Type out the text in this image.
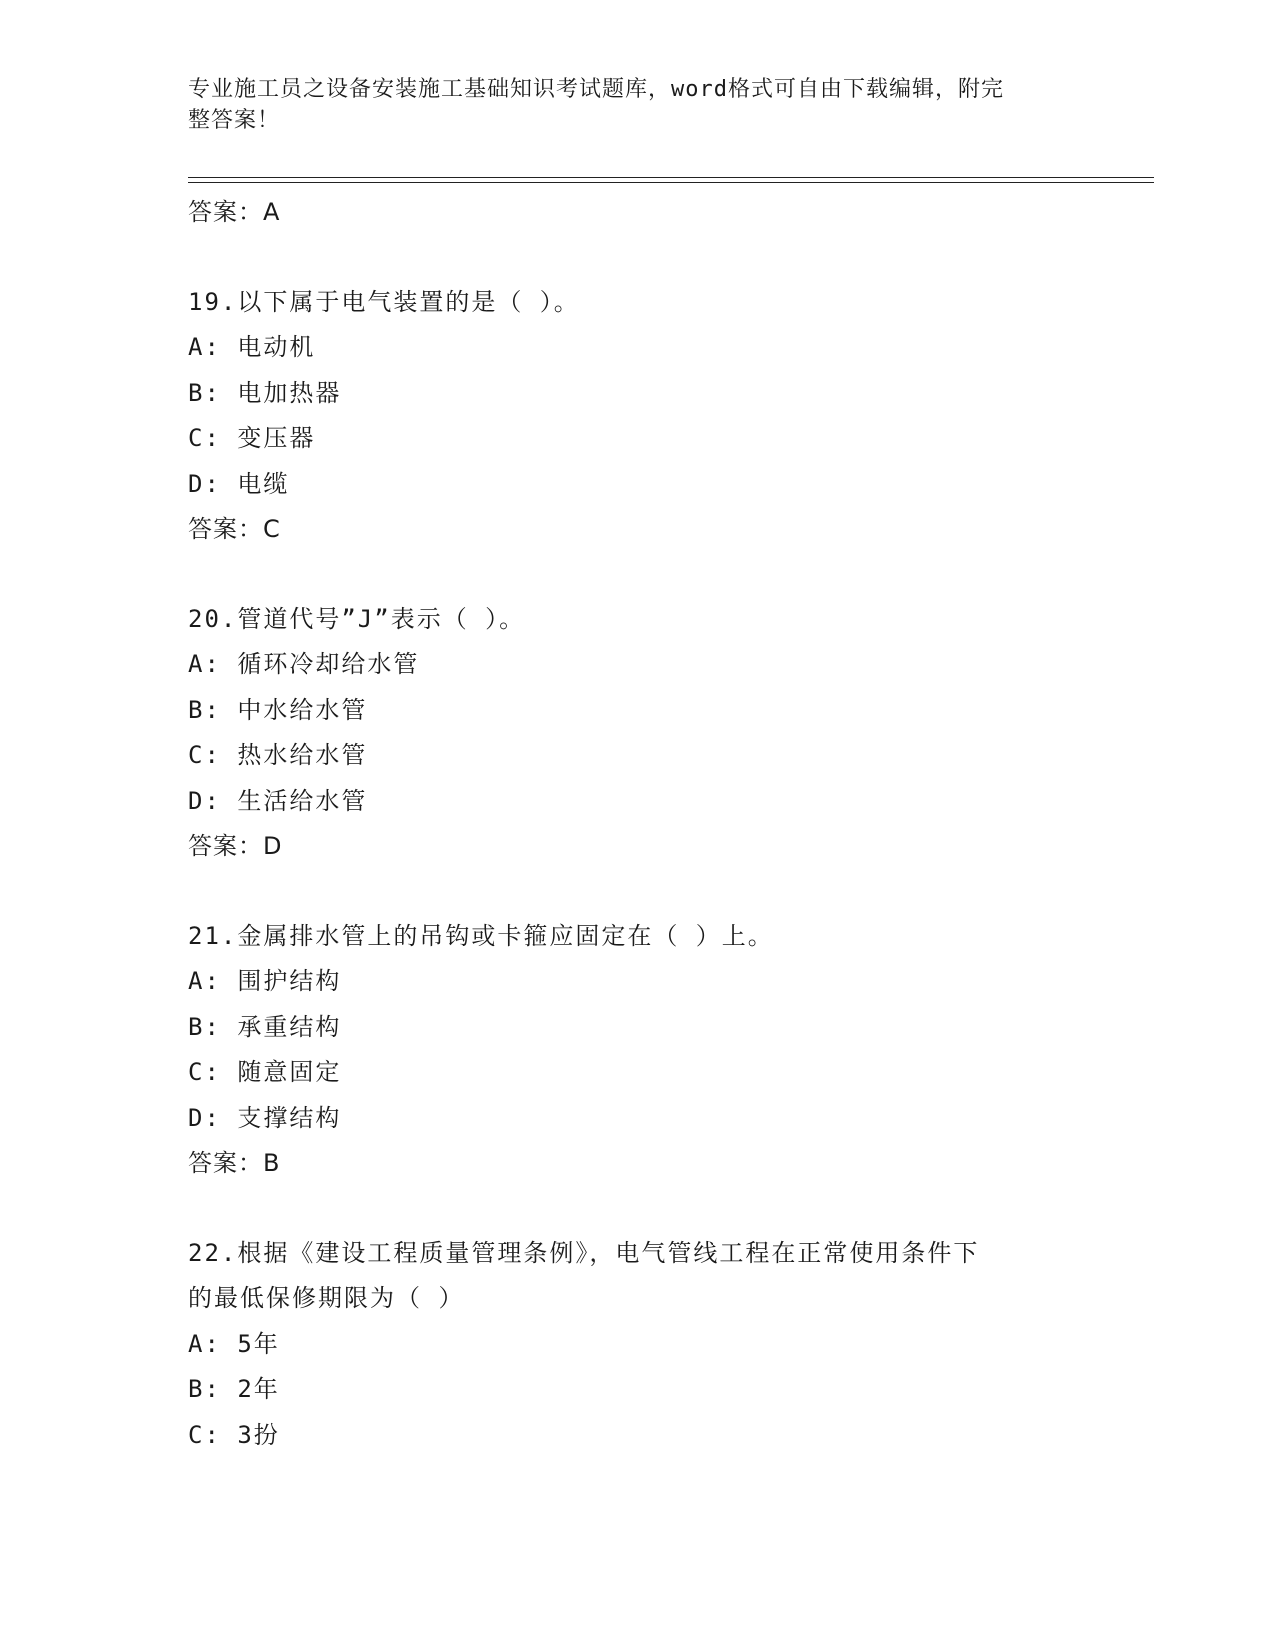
专业施工员之设备安装施工基础知识考试题库，word格式可自由下载编辑，附完
整答案！
答案：A
19.以下属于电气装置的是（ ）。
A: 电动机
B: 电加热器
C: 变压器
D: 电缆
答案：C
20.管道代号”J”表示（ ）。
A: 循环冷却给水管
B: 中水给水管
C: 热水给水管
D: 生活给水管
答案：D
21.金属排水管上的吊钩或卡箍应固定在（ ）上。
A: 围护结构
B: 承重结构
C: 随意固定
D: 支撑结构
答案：B
22.根据《建设工程质量管理条例》，电气管线工程在正常使用条件下
的最低保修期限为（ ）
A: 5年
B: 2年
C: 3扮
